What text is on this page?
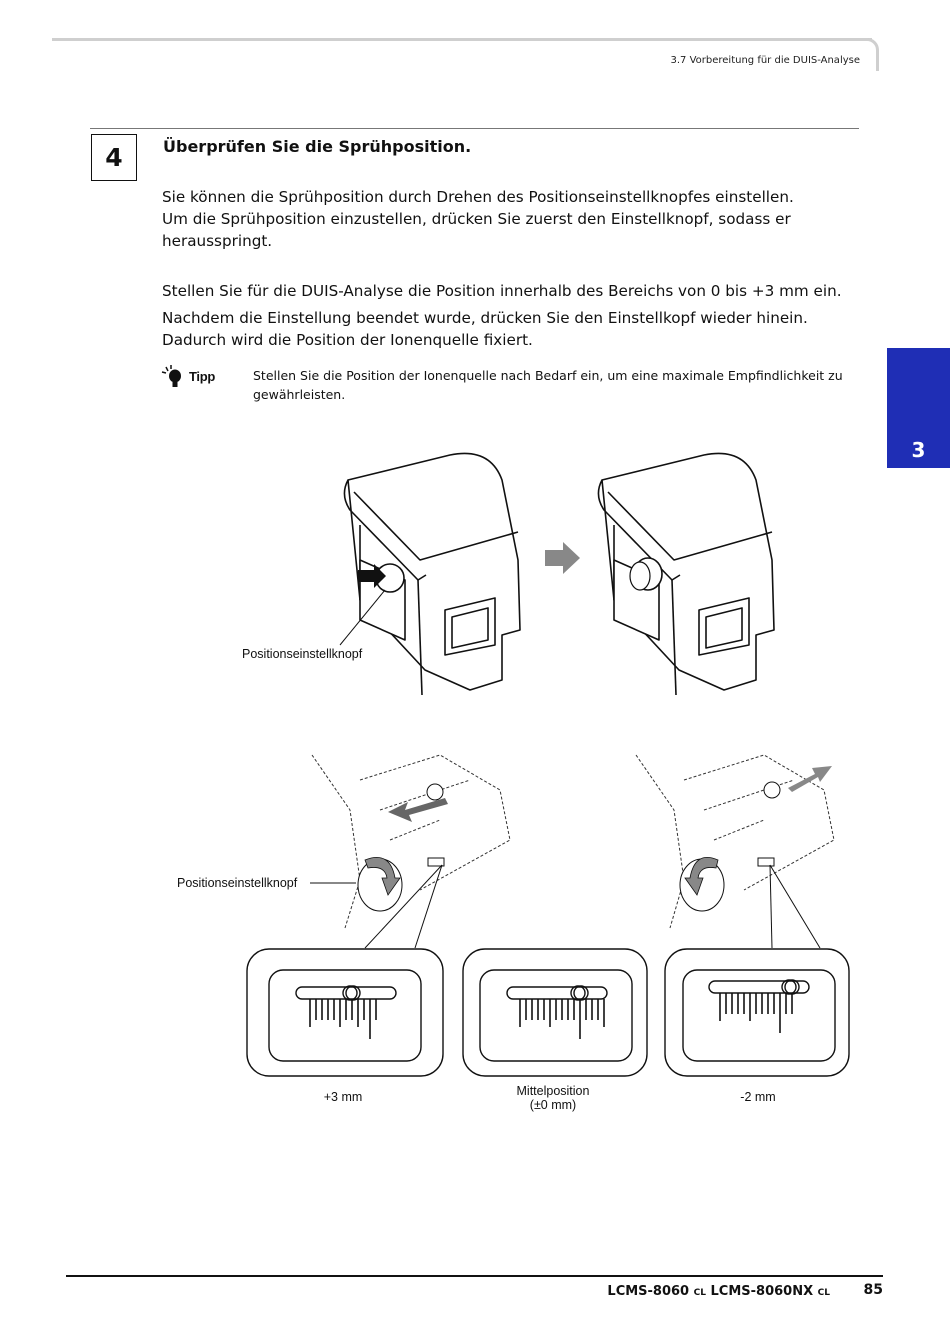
3.7 Vorbereitung für die DUIS-Analyse
3
4	Überprüfen Sie die Sprühposition.
Sie können die Sprühposition durch Drehen des Positionseinstellknopfes einstellen.
Um die Sprühposition einzustellen, drücken Sie zuerst den Einstellknopf, sodass er
herausspringt.
Stellen Sie für die DUIS-Analyse die Position innerhalb des Bereichs von 0 bis +3 mm ein.
Nachdem die Einstellung beendet wurde, drücken Sie den Einstellkopf wieder hinein.
Dadurch wird die Position der Ionenquelle fixiert.
Tipp	Stellen Sie die Position der Ionenquelle nach Bedarf ein, um eine maximale Empfindlichkeit zu
gewährleisten.
Positionseinstellknopf
Positionseinstellknopf
+3 mm	Mittelposition
(±0 mm)
-2 mm
LCMS-8060 CL LCMS-8060NX CL 85
